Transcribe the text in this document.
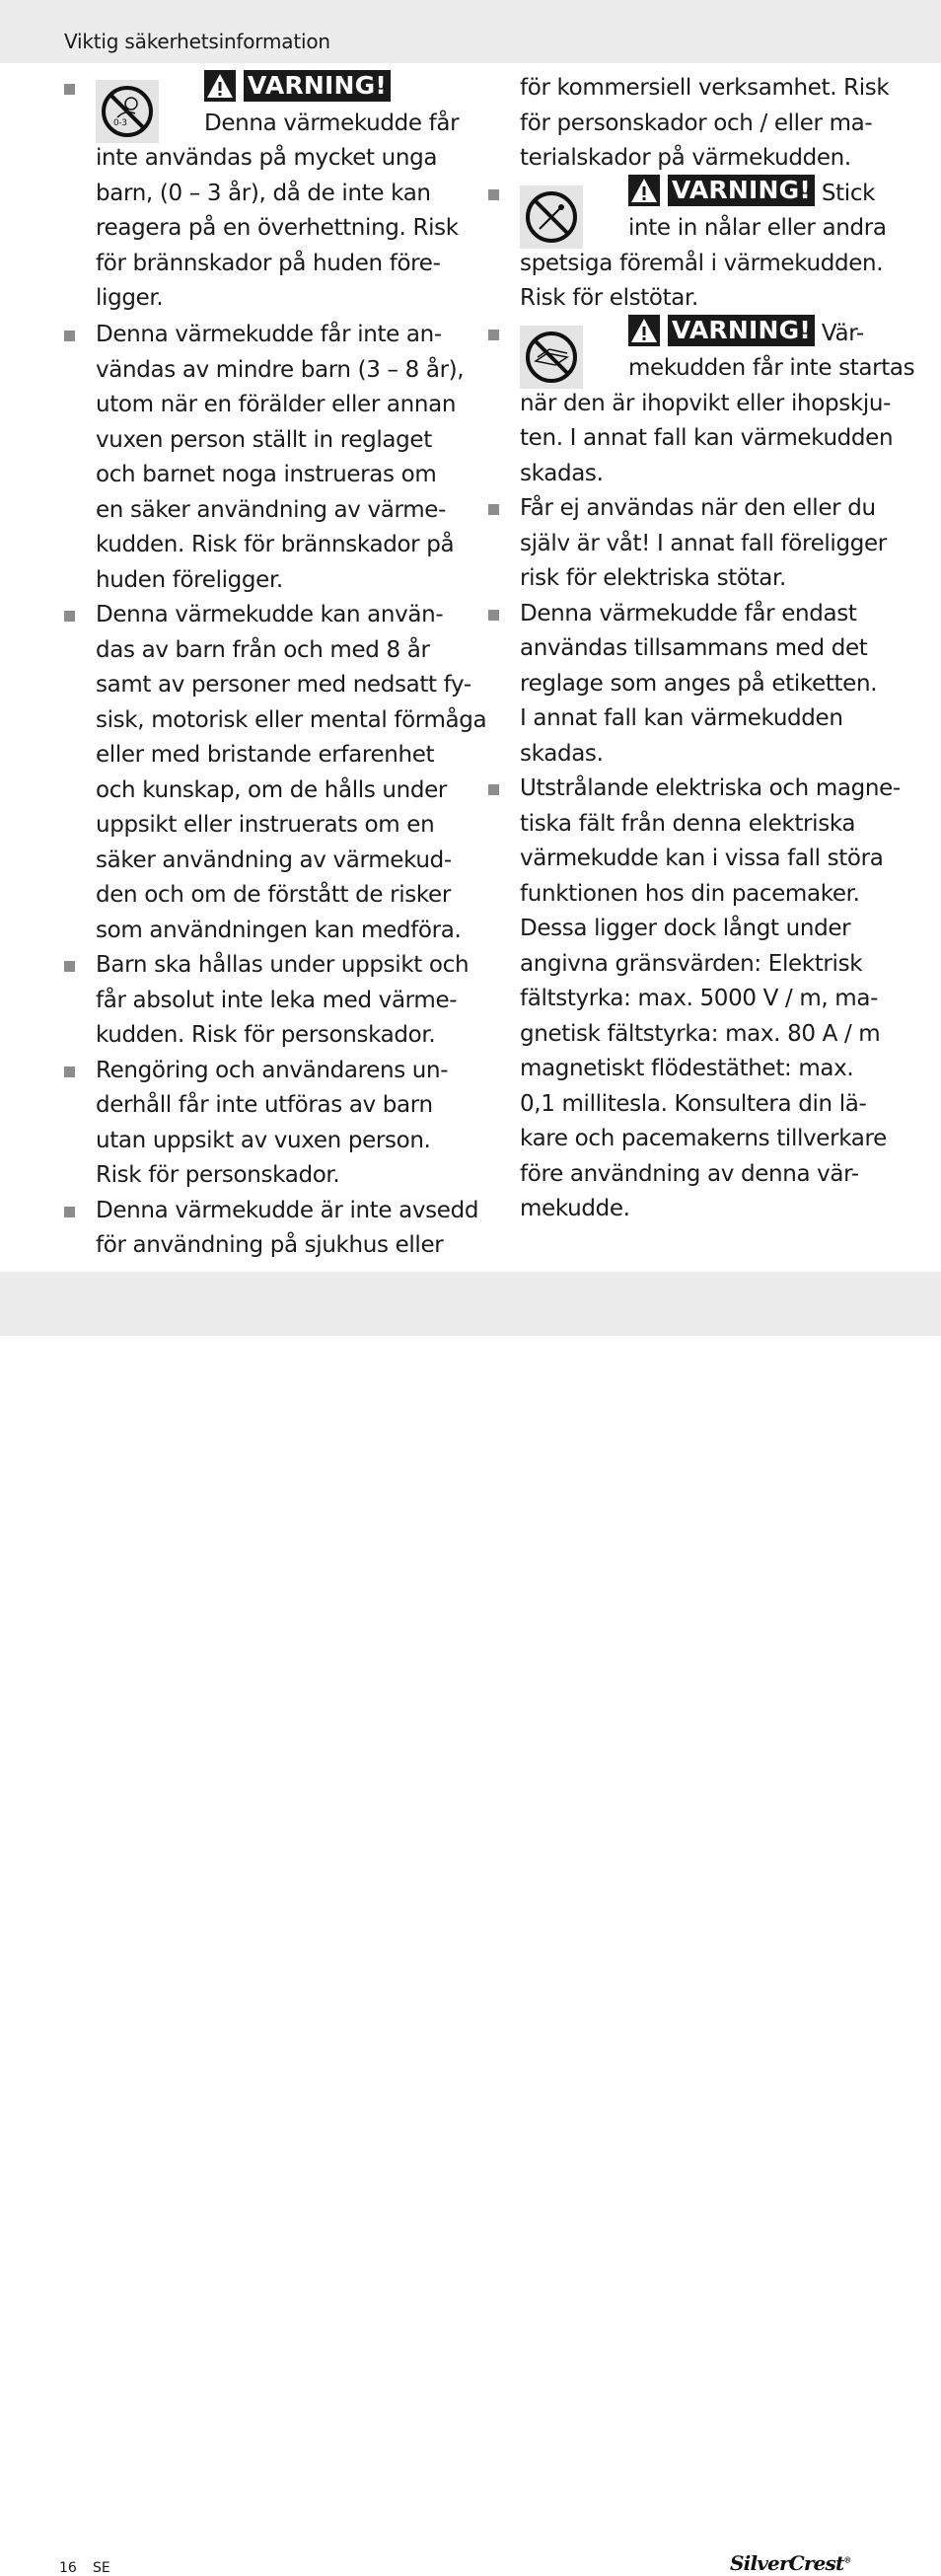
Viktig säkerhetsinformation
0-3
VARNING!
Denna värmekudde får
inte användas på mycket unga
barn, (0 – 3 år), då de inte kan
reagera på en överhettning. Risk
för brännskador på huden före-
ligger.
Denna värmekudde får inte an-
vändas av mindre barn (3 – 8 år),
utom när en förälder eller annan
vuxen person ställt in reglaget
och barnet noga instrueras om
en säker användning av värme-
kudden. Risk för brännskador på
huden föreligger.
Denna värmekudde kan använ-
das av barn från och med 8 år
samt av personer med nedsatt fy-
sisk, motorisk eller mental förmåga
eller med bristande erfarenhet
och kunskap, om de hålls under
uppsikt eller instruerats om en
säker användning av värmekud-
den och om de förstått de risker
som användningen kan medföra.
Barn ska hållas under uppsikt och
får absolut inte leka med värme-
kudden. Risk för personskador.
Rengöring och användarens un-
derhåll får inte utföras av barn
utan uppsikt av vuxen person.
Risk för personskador.
Denna värmekudde är inte avsedd
för användning på sjukhus eller
för kommersiell verksamhet. Risk
för personskador och / eller ma-
terialskador på värmekudden.
VARNING! Stick
inte in nålar eller andra
spetsiga föremål i värmekudden.
Risk för elstötar.
VARNING! Vär-
mekudden får inte startas
när den är ihopvikt eller ihopskju-
ten. I annat fall kan värmekudden
skadas.
Får ej användas när den eller du
själv är våt! I annat fall föreligger
risk för elektriska stötar.
Denna värmekudde får endast
användas tillsammans med det
reglage som anges på etiketten.
I annat fall kan värmekudden
skadas.
Utstrålande elektriska och magne-
tiska fält från denna elektriska
värmekudde kan i vissa fall störa
funktionen hos din pacemaker.
Dessa ligger dock långt under
angivna gränsvärden: Elektrisk
fältstyrka: max. 5000 V / m, ma-
gnetisk fältstyrka: max. 80 A / m
magnetiskt flödestäthet: max.
0,1 millitesla. Konsultera din lä-
kare och pacemakerns tillverkare
före användning av denna vär-
mekudde.
16 SE	SilverCrest®
